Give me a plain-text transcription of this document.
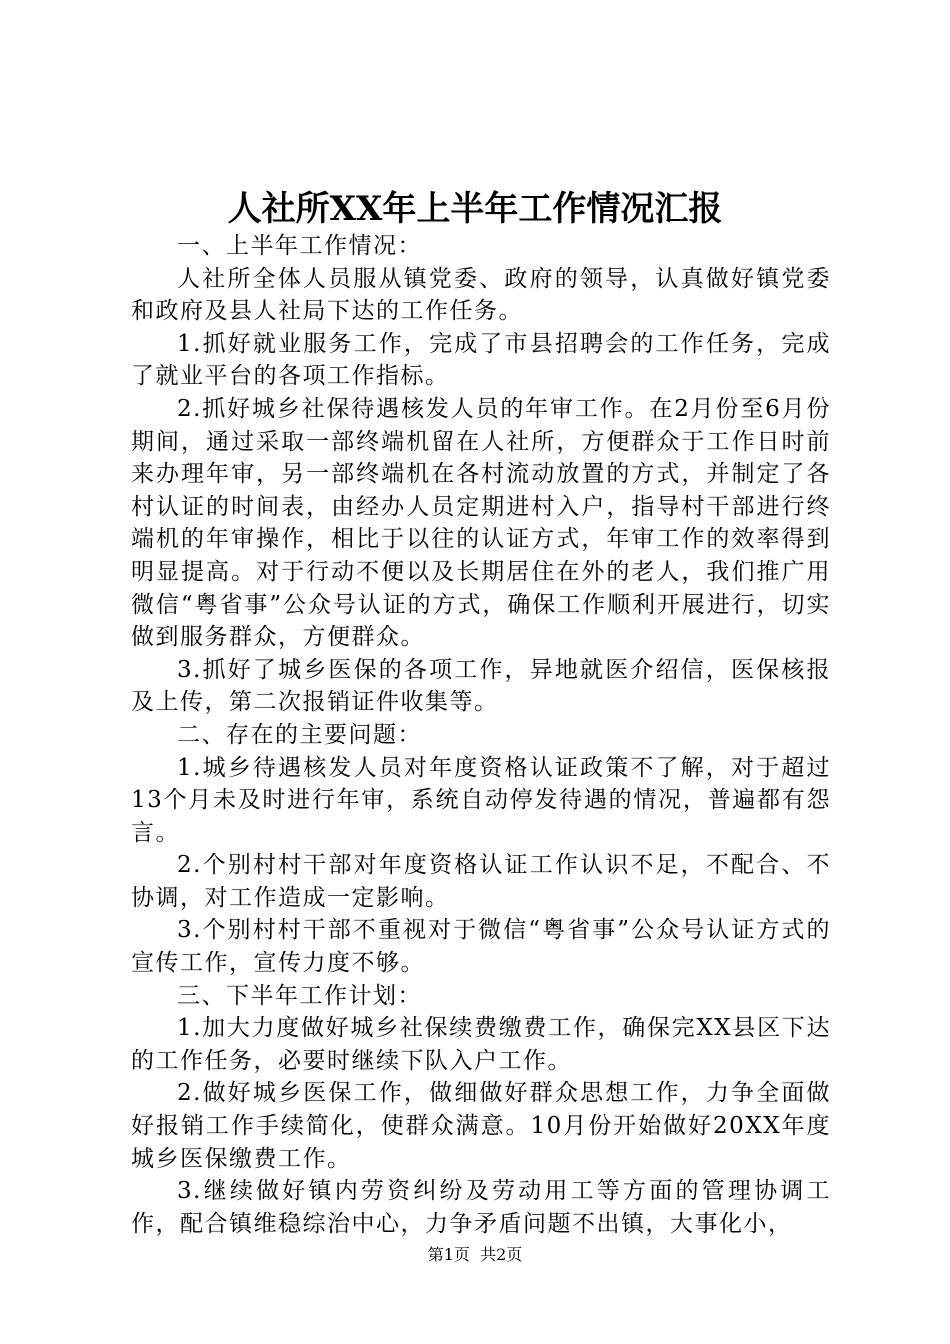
人社所XX年上半年工作情况汇报

一、上半年工作情况：

人社所全体人员服从镇党委、政府的领导，认真做好镇党委和政府及县人社局下达的工作任务。

1.抓好就业服务工作，完成了市县招聘会的工作任务，完成了就业平台的各项工作指标。

2.抓好城乡社保待遇核发人员的年审工作。在2月份至6月份期间，通过采取一部终端机留在人社所，方便群众于工作日时前来办理年审，另一部终端机在各村流动放置的方式，并制定了各村认证的时间表，由经办人员定期进村入户，指导村干部进行终端机的年审操作，相比于以往的认证方式，年审工作的效率得到明显提高。对于行动不便以及长期居住在外的老人，我们推广用微信“粤省事”公众号认证的方式，确保工作顺利开展进行，切实做到服务群众，方便群众。

3.抓好了城乡医保的各项工作，异地就医介绍信，医保核报及上传，第二次报销证件收集等。

二、存在的主要问题：

1.城乡待遇核发人员对年度资格认证政策不了解，对于超过13个月未及时进行年审，系统自动停发待遇的情况，普遍都有怨言。

2.个别村村干部对年度资格认证工作认识不足，不配合、不协调，对工作造成一定影响。

3.个别村村干部不重视对于微信“粤省事”公众号认证方式的宣传工作，宣传力度不够。

三、下半年工作计划：

1.加大力度做好城乡社保续费缴费工作，确保完XX县区下达的工作任务，必要时继续下队入户工作。

2.做好城乡医保工作，做细做好群众思想工作，力争全面做好报销工作手续简化，使群众满意。10月份开始做好20XX年度城乡医保缴费工作。

3.继续做好镇内劳资纠纷及劳动用工等方面的管理协调工作，配合镇维稳综治中心，力争矛盾问题不出镇，大事化小，

第1页 共2页
